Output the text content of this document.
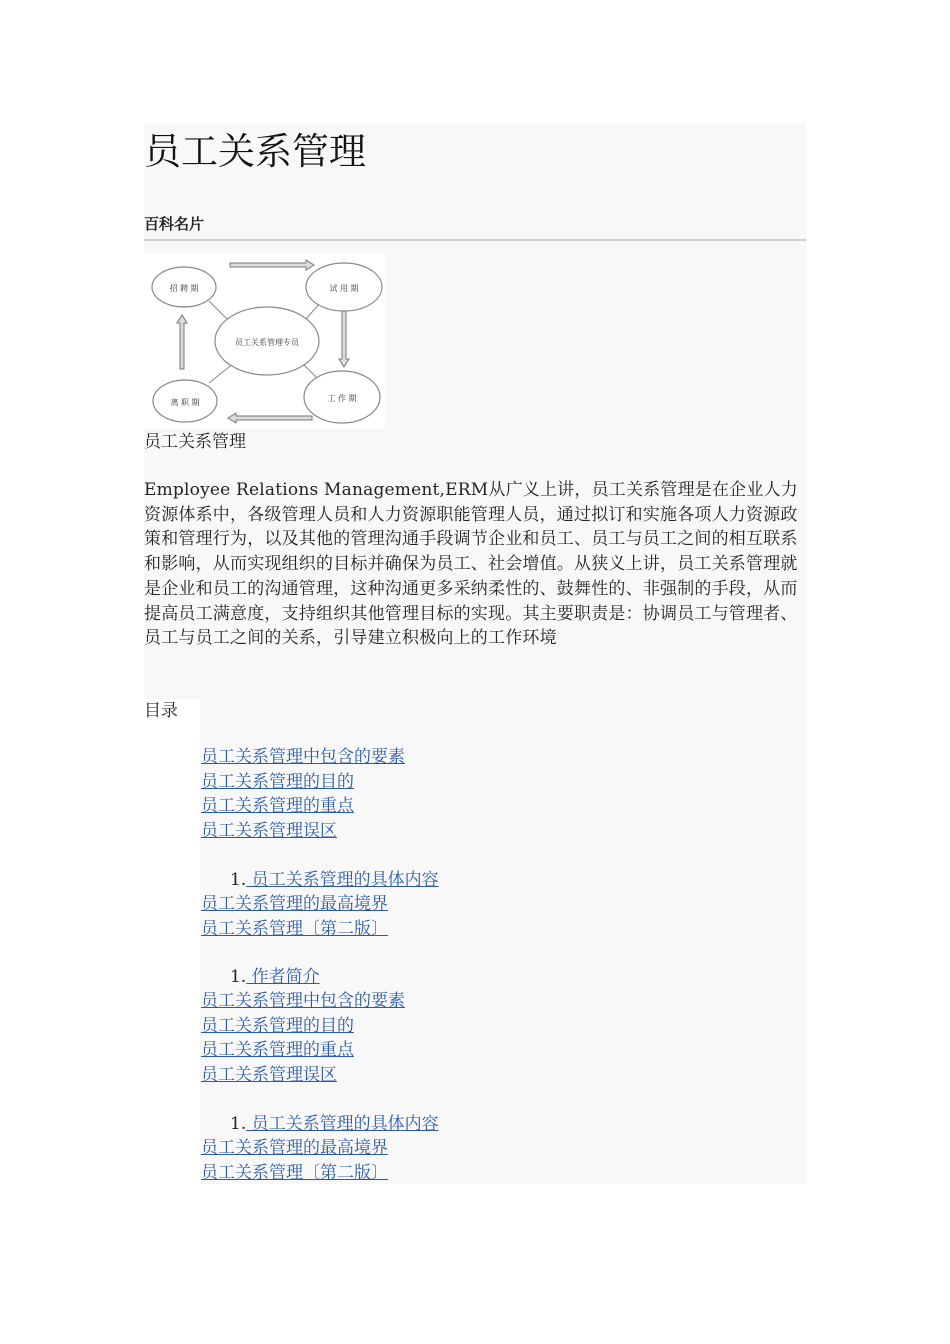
员工关系管理
百科名片
招 聘 期	试 用 期
员工关系管理专员
离 职 期	工 作 期
员工关系管理

Employee Relations Management,ERM从广义上讲，员工关系管理是在企业人力资源体系中，各级管理人员和人力资源职能管理人员，通过拟订和实施各项人力资源政策和管理行为，以及其他的管理沟通手段调节企业和员工、员工与员工之间的相互联系和影响，从而实现组织的目标并确保为员工、社会增值。从狭义上讲，员工关系管理就是企业和员工的沟通管理，这种沟通更多采纳柔性的、鼓舞性的、非强制的手段，从而提高员工满意度，支持组织其他管理目标的实现。其主要职责是：协调员工与管理者、员工与员工之间的关系，引导建立积极向上的工作环境

目录
员工关系管理中包含的要素
员工关系管理的目的
员工关系管理的重点
员工关系管理误区
1. 员工关系管理的具体内容
员工关系管理的最高境界
员工关系管理〔第二版〕
1. 作者简介
员工关系管理中包含的要素
员工关系管理的目的
员工关系管理的重点
员工关系管理误区
1. 员工关系管理的具体内容
员工关系管理的最高境界
员工关系管理〔第二版〕
